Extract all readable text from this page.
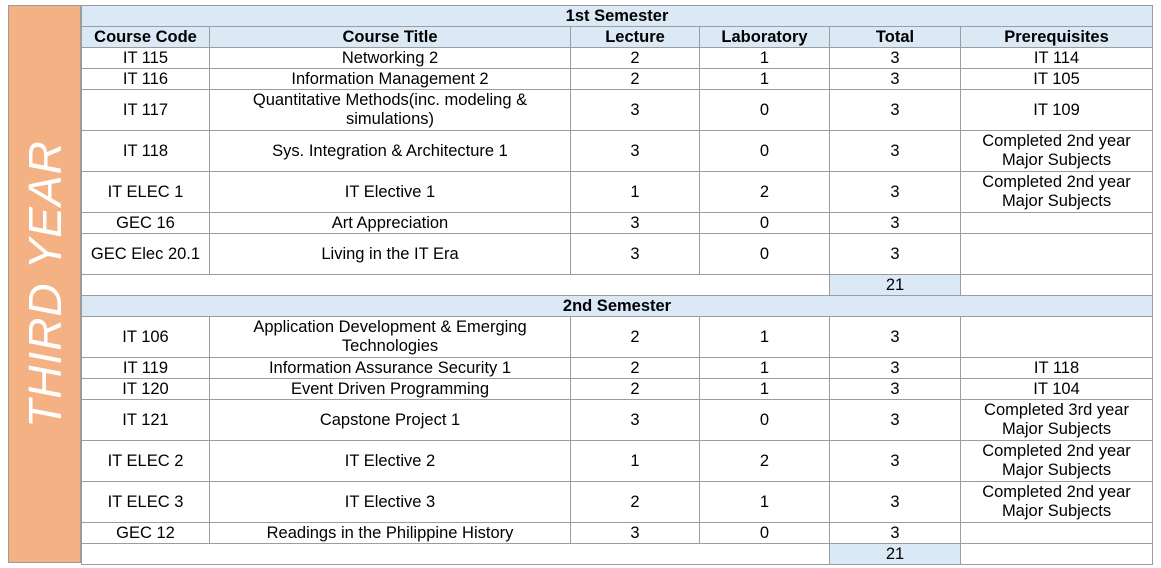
THIRD YEAR
1st Semester					
Course Code	Course Title	Lecture	Laboratory	Total	Prerequisites
IT 115	Networking 2	2	1	3	IT 114
IT 116	Information Management 2	2	1	3	IT 105
IT 117	Quantitative Methods(inc. modeling & simulations)	3	0	3	IT 109
IT 118	Sys. Integration & Architecture 1	3	0	3	Completed 2nd year Major Subjects
IT ELEC 1	IT Elective 1	1	2	3	Completed 2nd year Major Subjects
GEC 16	Art Appreciation	3	0	3	
GEC Elec 20.1	Living in the IT Era	3	0	3	
				21	
2nd Semester					
IT 106	Application Development & Emerging Technologies	2	1	3	
IT 119	Information Assurance Security 1	2	1	3	IT 118
IT 120	Event Driven Programming	2	1	3	IT 104
IT 121	Capstone Project 1	3	0	3	Completed 3rd year Major Subjects
IT ELEC 2	IT Elective 2	1	2	3	Completed 2nd year Major Subjects
IT ELEC 3	IT Elective 3	2	1	3	Completed 2nd year Major Subjects
GEC 12	Readings in the Philippine History	3	0	3	
				21	
